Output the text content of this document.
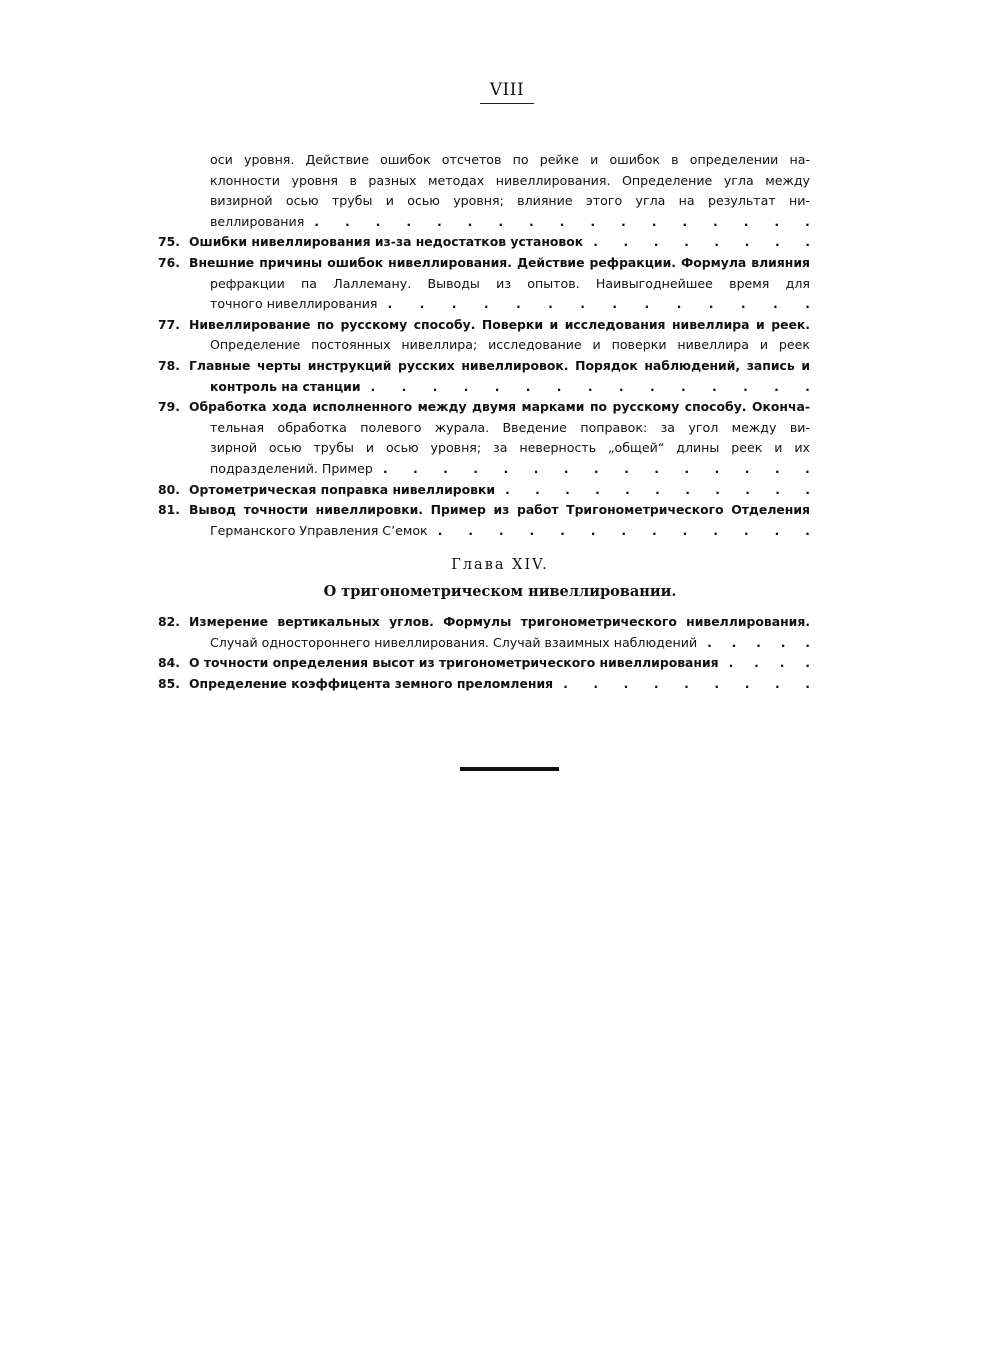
VIII
оси уровня. Действие ошибок отсчетов по рейке и ошибок в определении на-
клонности уровня в разных методах нивеллирования. Определение угла между
визирной осью трубы и осью уровня; влияние этого угла на результат ни-
веллирования . . . . . . . . . . . . . . . . .
75. Ошибки нивеллирования из-за недостатков установок . . . . . . . .
76. Внешние причины ошибок нивеллирования. Действие рефракции. Формула влияния
рефракции па Лаллеману. Выводы из опытов. Наивыгоднейшее время для
точного нивеллирования . . . . . . . . . . . . . .
77. Нивеллирование по русскому способу. Поверки и исследования нивеллира и реек.
Определение постоянных нивеллира; исследование и поверки нивеллира и реек
78. Главные черты инструкций русских нивеллировок. Порядок наблюдений, запись и
контроль на станции . . . . . . . . . . . . . . .
79. Обработка хода исполненного между двумя марками по русскому способу. Оконча-
тельная обработка полевого журала. Введение поправок: за угол между ви-
зирной осью трубы и осью уровня; за неверность „общей“ длины реек и их
подразделений. Пример . . . . . . . . . . . . . . .
80. Ортометрическая поправка нивеллировки . . . . . . . . . . .
81. Вывод точности нивеллировки. Пример из работ Тригонометрического Отделения
Германского Управления С’емок . . . . . . . . . . . . .
Глава XIV.
О тригонометрическом нивеллировании.
82. Измерение вертикальных углов. Формулы тригонометрического нивеллирования.
Случай одностороннего нивеллирования. Случай взаимных наблюдений . . . . .
84. О точности определения высот из тригонометрического нивеллирования . . . .
85. Определение коэффицента земного преломления . . . . . . . . .
